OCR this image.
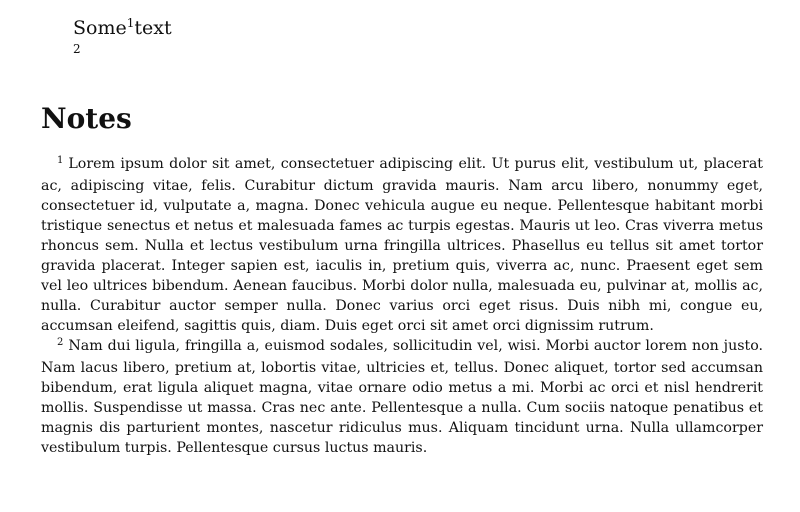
Some$^1$text
2
Notes

$^1$ Lorem ipsum dolor sit amet, consectetuer adipiscing elit. Ut purus elit, vestibulum ut, placerat ac, adipiscing vitae, felis. Curabitur dictum gravida mauris. Nam arcu libero, nonummy eget, consectetuer id, vulputate a, magna. Donec vehicula augue eu neque. Pellentesque habitant morbi tristique senectus et netus et malesuada fames ac turpis egestas. Mauris ut leo. Cras viverra metus rhoncus sem. Nulla et lectus vestibulum urna fringilla ultrices. Phasellus eu tellus sit amet tortor gravida placerat. Integer sapien est, iaculis in, pretium quis, viverra ac, nunc. Praesent eget sem vel leo ultrices bibendum. Aenean faucibus. Morbi dolor nulla, malesuada eu, pulvinar at, mollis ac, nulla. Curabitur auctor semper nulla. Donec varius orci eget risus. Duis nibh mi, congue eu, accumsan eleifend, sagittis quis, diam. Duis eget orci sit amet orci dignissim rutrum.

$^2$ Nam dui ligula, fringilla a, euismod sodales, sollicitudin vel, wisi. Morbi auctor lorem non justo. Nam lacus libero, pretium at, lobortis vitae, ultricies et, tellus. Donec aliquet, tortor sed accumsan bibendum, erat ligula aliquet magna, vitae ornare odio metus a mi. Morbi ac orci et nisl hendrerit mollis. Suspendisse ut massa. Cras nec ante. Pellentesque a nulla. Cum sociis natoque penatibus et magnis dis parturient montes, nascetur ridiculus mus. Aliquam tincidunt urna. Nulla ullamcorper vestibulum turpis. Pellentesque cursus luctus mauris.
